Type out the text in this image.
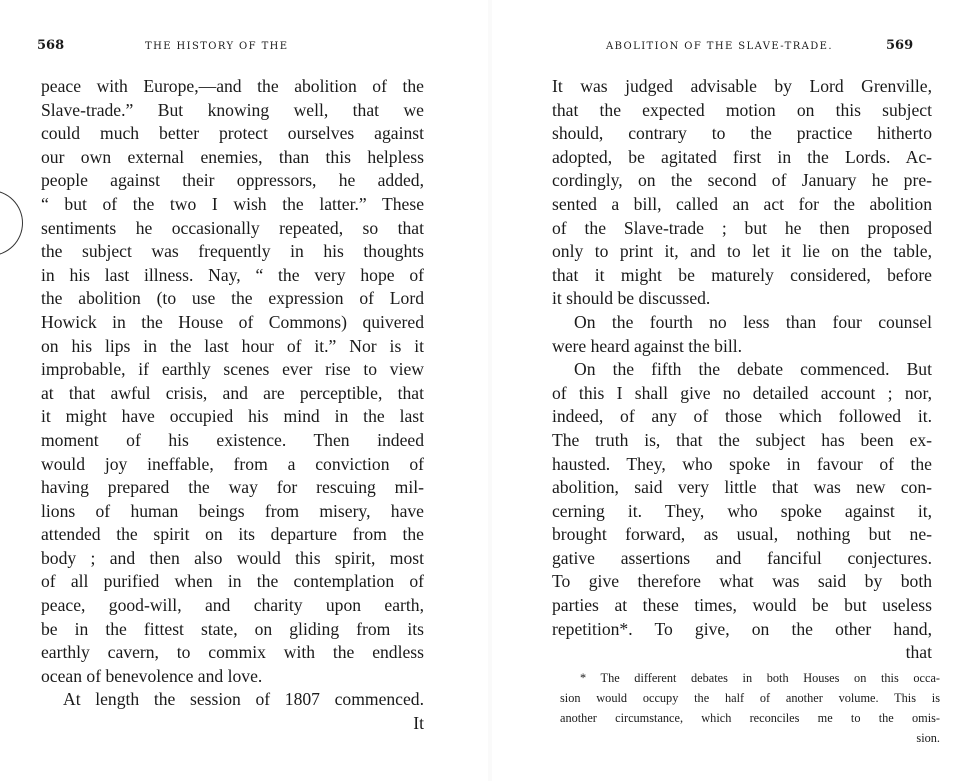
568	THE HISTORY OF THE
peace with Europe,—and the abolition of the
Slave-trade.” But knowing well, that we
could much better protect ourselves against
our own external enemies, than this helpless
people against their oppressors, he added,
“ but of the two I wish the latter.” These
sentiments he occasionally repeated, so that
the subject was frequently in his thoughts
in his last illness. Nay, “ the very hope of
the abolition (to use the expression of Lord
Howick in the House of Commons) quivered
on his lips in the last hour of it.” Nor is it
improbable, if earthly scenes ever rise to view
at that awful crisis, and are perceptible, that
it might have occupied his mind in the last
moment of his existence. Then indeed
would joy ineffable, from a conviction of
having prepared the way for rescuing mil-
lions of human beings from misery, have
attended the spirit on its departure from the
body ; and then also would this spirit, most
of all purified when in the contemplation of
peace, good-will, and charity upon earth,
be in the fittest state, on gliding from its
earthly cavern, to commix with the endless
ocean of benevolence and love.
At length the session of 1807 commenced.
It
ABOLITION OF THE SLAVE-TRADE.	569
It was judged advisable by Lord Grenville,
that the expected motion on this subject
should, contrary to the practice hitherto
adopted, be agitated first in the Lords. Ac-
cordingly, on the second of January he pre-
sented a bill, called an act for the abolition
of the Slave-trade ; but he then proposed
only to print it, and to let it lie on the table,
that it might be maturely considered, before
it should be discussed.
On the fourth no less than four counsel
were heard against the bill.
On the fifth the debate commenced. But
of this I shall give no detailed account ; nor,
indeed, of any of those which followed it.
The truth is, that the subject has been ex-
hausted. They, who spoke in favour of the
abolition, said very little that was new con-
cerning it. They, who spoke against it,
brought forward, as usual, nothing but ne-
gative assertions and fanciful conjectures.
To give therefore what was said by both
parties at these times, would be but useless
repetition*. To give, on the other hand,
that
* The different debates in both Houses on this occa-
sion would occupy the half of another volume. This is
another circumstance, which reconciles me to the omis-
sion.
